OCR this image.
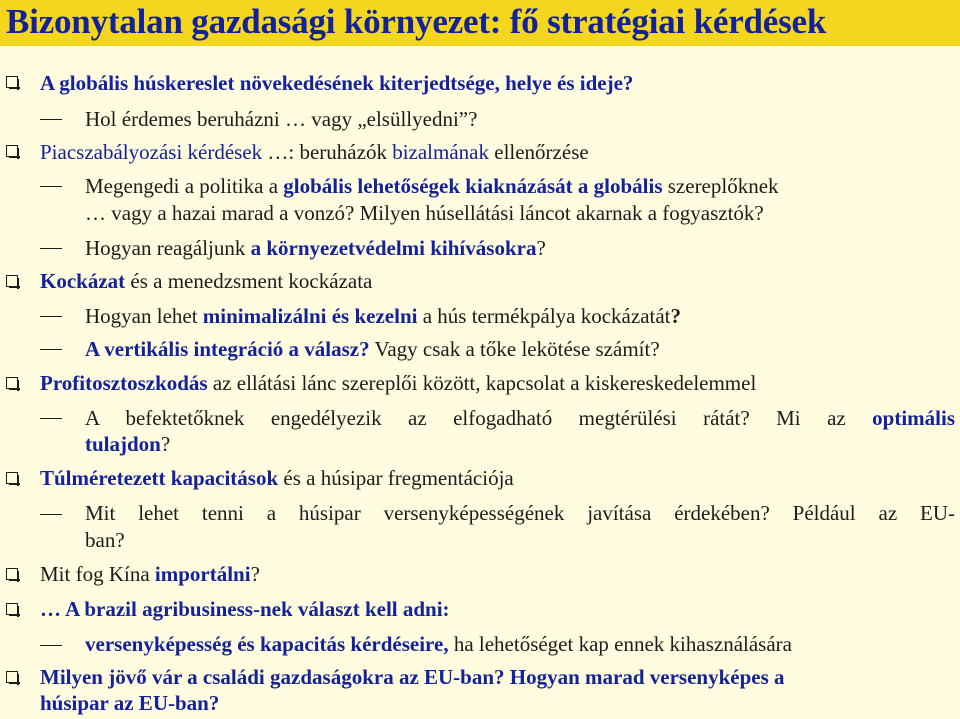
Bizonytalan gazdasági környezet: fő stratégiai kérdések
A globális húskereslet növekedésének kiterjedtsége, helye és ideje?
Hol érdemes beruházni … vagy „elsüllyedni”?
Piacszabályozási kérdések …: beruházók bizalmának ellenőrzése
Megengedi a politika a globális lehetőségek kiaknázását a globális szereplőknek
… vagy a hazai marad a vonzó? Milyen húsellátási láncot akarnak a fogyasztók?
Hogyan reagáljunk a környezetvédelmi kihívásokra?
Kockázat és a menedzsment kockázata
Hogyan lehet minimalizálni és kezelni a hús termékpálya kockázatát?
A vertikális integráció a válasz? Vagy csak a tőke lekötése számít?
Profitosztoszkodás az ellátási lánc szereplői között, kapcsolat a kiskereskedelemmel
A befektetőknek engedélyezik az elfogadható megtérülési rátát? Mi az optimális
tulajdon?
Túlméretezett kapacitások és a húsipar fregmentációja
Mit lehet tenni a húsipar versenyképességének javítása érdekében? Például az EU-
ban?
Mit fog Kína importálni?
… A brazil agribusiness-nek választ kell adni:
versenyképesség és kapacitás kérdéseire, ha lehetőséget kap ennek kihasználására
Milyen jövő vár a családi gazdaságokra az EU-ban? Hogyan marad versenyképes a
húsipar az EU-ban?
